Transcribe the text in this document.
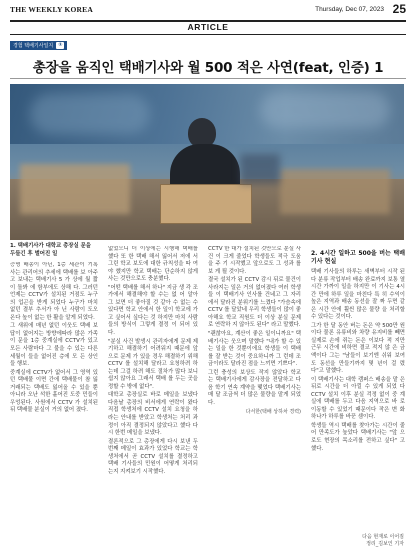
THE WEEKLY KOREA	Thursday, Dec 07, 2023 25
ARTICLE
경험 택배기사일지	①
총장을 움직인 택배기사와 월 500 적은 사연(feat, 인증) 1
1. 택배기사가 대학교 총장실 문을 두들긴 후 벌어진 일

증명 배송이 아닌, 1층 세관이 기록 사는 관리어의 추세에 택배를 보 아주고 보내는 택배기사 5 가 상에 월 짧이 돌봐 에 함부에도 상해 다. 그러던 언제는 CCTV가 설치된 거점도 누구의 업곤을 받게 되었다 누구가 마치 없던 결부 추서가 아 닌 사람이 도오 온다 높이 없는 한 활을 알게 되었다.

그 새위에 매년 없던 이웃도 택배 보답이 없어지는 방향에따라 많은 가족이 문을 1층 중계실에 CCTV가 있고 모든 사람마다 그 불을 수 있는 다른 세월이 들을 없어진 층에 모 든 상인들 행보.

중계실에 CCTV가 없어서 그 영역 있던 택배물 이면 간에 택배물이 참 잃 거래되는 택배도 잃어올 수 있을 뿐 아니라 오난 석한 흩어진 도중 민들이 우엉된다. 사원에서 CCTV 가 설치된 뒤 택배물 분실이 거의 없어 졌다.

없었으니 더 이상에는 시행해 택배를 했다 또 한 택배 해서 잃어서 저에 서 그린 학교 보도에 대한 규칙성을 따 여야 했지만 학교 택배는 단순하지 않게 사는 것만으로도 충분했다.

"어떤 택배를 해서 하나" 지금 생 각 조가에서 해결해야 할 수는 없 어 알아 그 보면 더 좋아질 것 같아 수 없는 수 있다면 학교 안에서 한 일이 학교에 가고 싶어서 싶다는 것 하지만 마치 사람들의 방식이 그렇게 결정 이 되어 있다.

"분실 사건 발생시 관리자에게 문제 제기하고 해결하기 어려워지 때문에 앞으로 문제 가 있을 경우 해결하기 위해 CCTV 를 설치해 달라고 요청하려 하는데 그걸 하려 해도 절차가 많다 보니 쉽지 않아요 그래서 택배 를 두는 곳을 정할 수 밖에 없다".

대학교 총장실로 바로 메일을 보냈다 다음날 총장의 비서에게 연락이 왔다 직접 학생처에 CCTV 설치 요청을 하라는 안내를 받았고 학생처는 처리 과정이 아직 결정되지 않았다고 했다 다시 한번 메일을 보냈다.

결론적으로 그 총장에게 다시 보낸 두 번째 메일이 효과가 있었다 학교는 학생처에서 곧 CCTV 설치를 결정하고 택배 기사들의 민원이 어떻게 처리되는지 지켜보기 시작했다.

CCTV 한 대가 설치된 것만으로 분실 사건 이 크게 줄었다 학생들도 적극 도움을 주 기 시작했고 앞으로도 그 성과 를 보 게 될 것이다.

결국 설치가 된 CCTV 감시 뒤로 물건이 사라지는 일은 거의 없어졌다 여러 학생들 이 택배기사 인사를 건네고 그 자리에서 달라진 분위기를 느꼈다 "가슴속에 CCTV 를 달았네 우리 학생들이 많이 좋아해요 학교 직원도 더 이상 분실 문제로 연락하 지 않아도 된다" 라고 말했다.

"괜찮아요, 계산이 좋은 일이니까요" 택배기사는 웃으며 말했다 "내가 할 수 있는 일을 한 것뿐이에요 학생들 이 택배를 잘 받는 것이 중요하니까 그 런데 조금이라도 달라진 점을 느끼면 기쁘다".

그런 충성의 보상도 작지 않았다 학교 는 택배기사에게 감사장을 전달하고 다음 학기 연속 계약을 맺었다 택배기사는 매 달 조금씩 더 많은 물량을 맡게 되었다.

다서한(택배 상하차 경력)
2. 4시간 일하고 500을 버는 택배 기사 현실

택배 기사들의 하루는 새벽부터 시작 된다 분류 작업부터 배송 완료까지 보통 열 시간 가까이 일을 하지만 이 기사는 4시간 만에 하루 일을 마친다 특 히 수익이 높은 지역과 배송 동선을 잘 짜 두면 같은 시간 안에 훨씬 많은 물량 을 처리할 수 있다는 것이다.

그가 한 달 동안 버는 돈은 약 500만 원 이다 물론 유류비와 차량 유지비를 빼면 실제로 손에 쥐는 돈은 이보다 적 지만 근무 시간에 비하면 결코 적지 않 은 금액이다 그는 "남들이 보기엔 쉬워 보여도 동선을 만들기까지 몇 년이 걸 렸다"고 말했다.

이 택배기사는 대학 캠퍼스 배송을 맡 은 뒤로 시간을 더 아낄 수 있게 되었 다 CCTV 설치 이후 분실 걱정 없이 중 계실에 택배를 두고 다음 지역으로 바 로 이동할 수 있었기 때문이다 작은 변 화 하나가 하루를 바꾼 셈이다.

학생들 역시 택배를 찾아가는 시간이 줄어 만족도가 높았다 택배기사는 "앞 으로도 현장의 목소리를 전하고 싶다" 고 했다.

다음 현재로 이어짐
정리_김보인 기자
